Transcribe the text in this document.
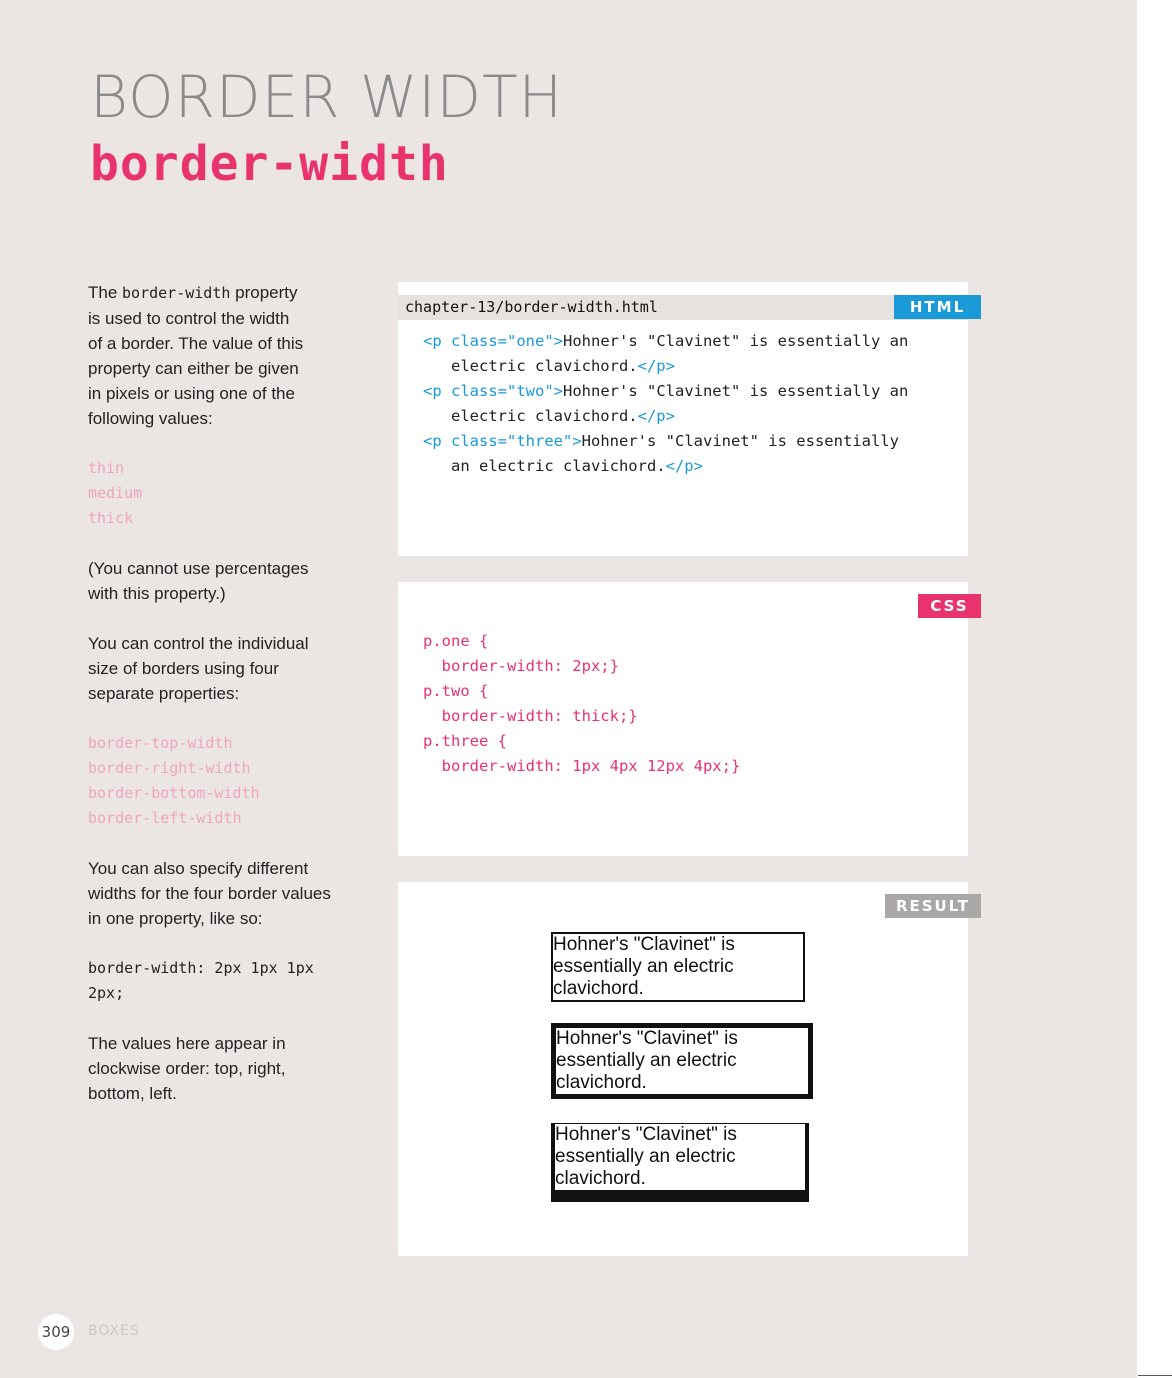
BORDER WIDTH
border-width

The border-width property

is used to control the width

of a border. The value of this

property can either be given

in pixels or using one of the

following values:

thin

medium

thick

(You cannot use percentages

with this property.)

You can control the individual

size of borders using four

separate properties:

border-top-width

border-right-width

border-bottom-width

border-left-width

You can also specify different

widths for the four border values

in one property, like so:

border-width: 2px 1px 1px

2px;

The values here appear in

clockwise order: top, right,

bottom, left.

chapter-13/border-width.html	HTML
<p class="one">Hohner's "Clavinet" is essentially an
electric clavichord.</p>
<p class="two">Hohner's "Clavinet" is essentially an
electric clavichord.</p>
<p class="three">Hohner's "Clavinet" is essentially
an electric clavichord.</p>
CSS
p.one {
border-width: 2px;}
p.two {
border-width: thick;}
p.three {
border-width: 1px 4px 12px 4px;}
RESULT
Hohner's "Clavinet" is
essentially an electric
clavichord.
Hohner's "Clavinet" is
essentially an electric
clavichord.
Hohner's "Clavinet" is
essentially an electric
clavichord.
309 BOXES
